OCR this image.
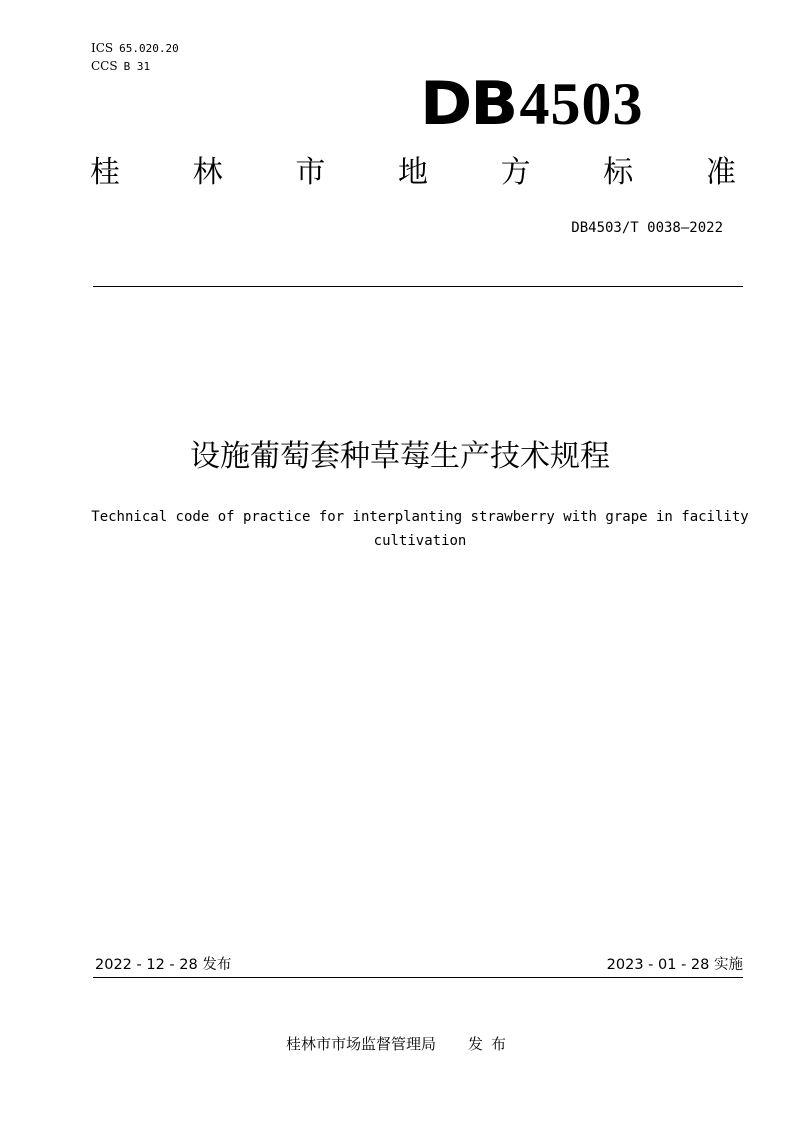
ICS 65.020.20
CCS B 31
DB 4503
桂 林 市 地 方 标 准
DB4503/T 0038—2022
设施葡萄套种草莓生产技术规程
Technical code of practice for interplanting strawberry with grape in facility cultivation
2022 - 12 - 28 发布	2023 - 01 - 28 实施
桂林市市场监督管理局 发布
